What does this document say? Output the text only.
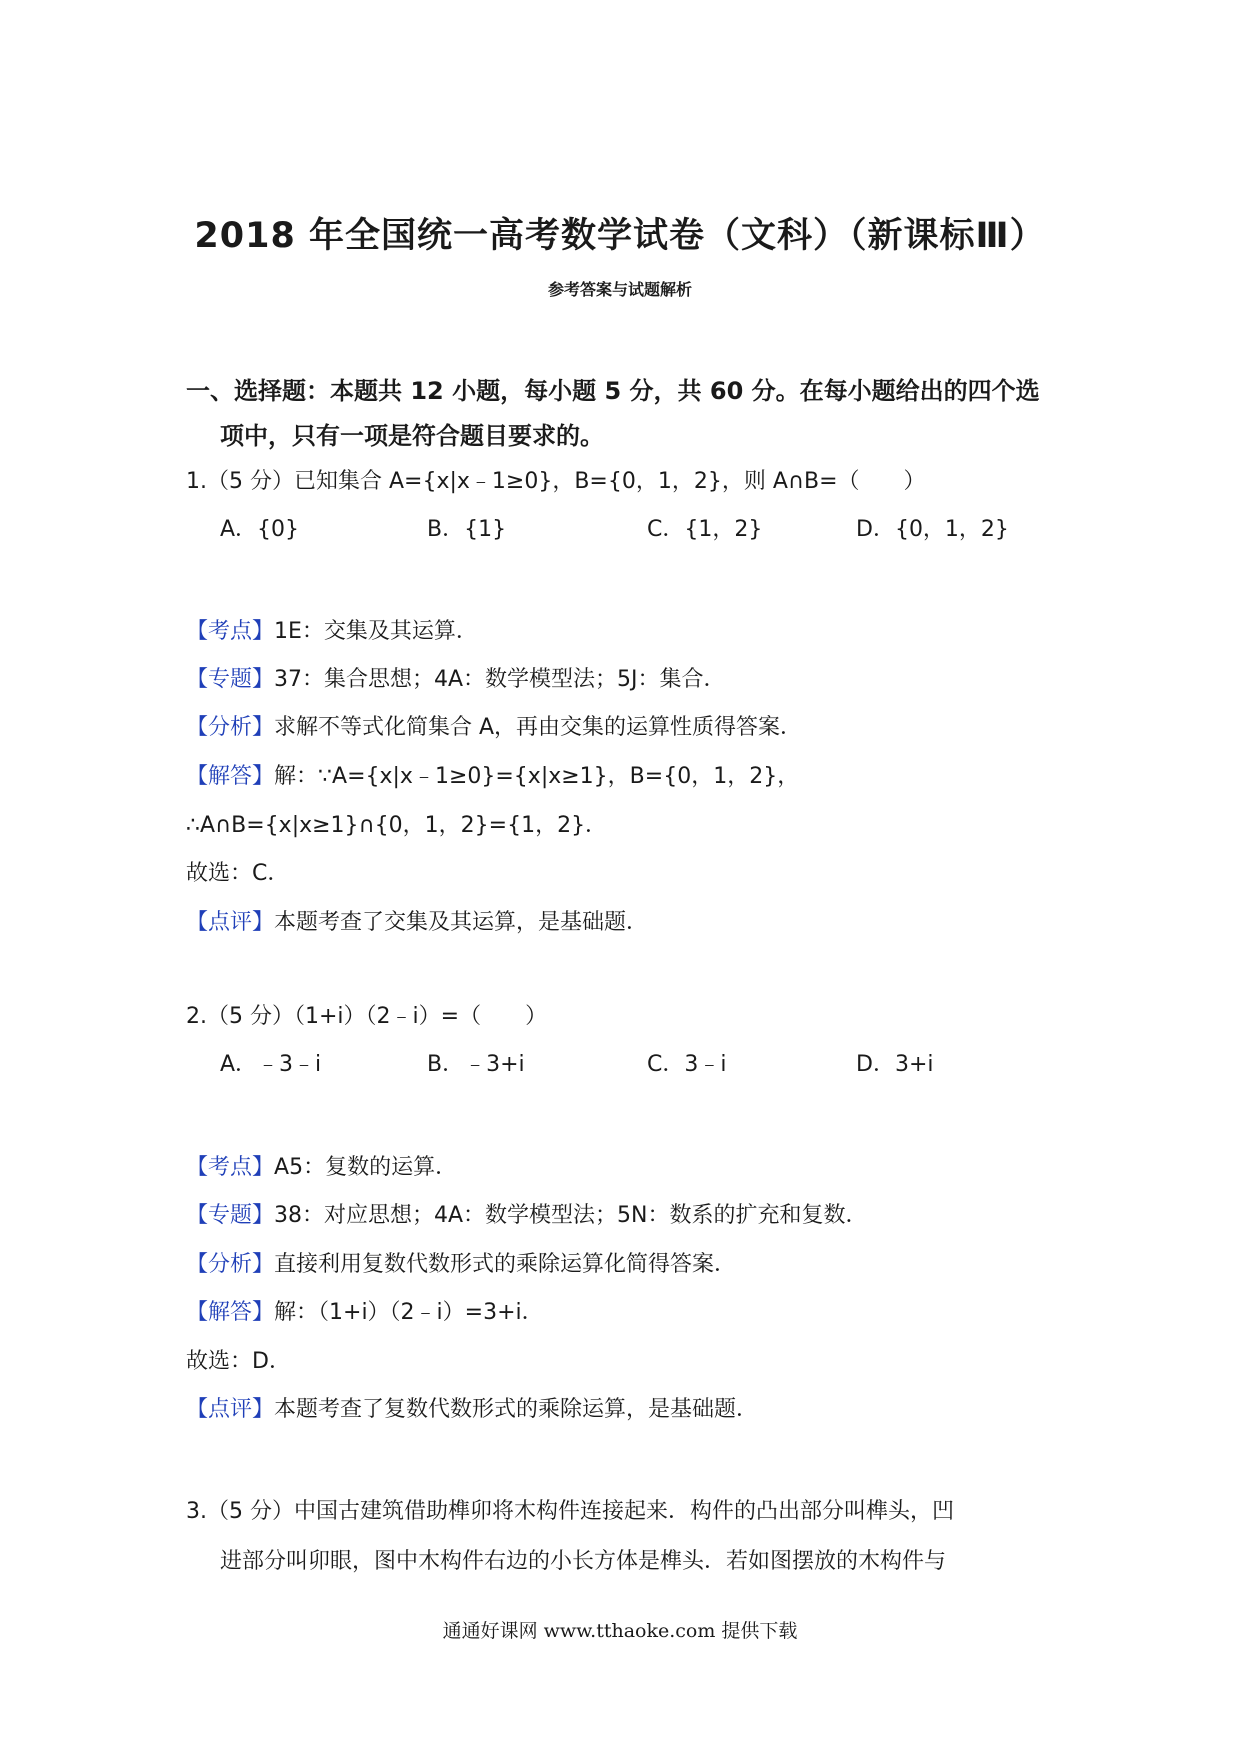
2018 年全国统一高考数学试卷（文科）（新课标Ⅲ）
参考答案与试题解析
一、选择题：本题共 12 小题，每小题 5 分，共 60 分。在每小题给出的四个选
项中，只有一项是符合题目要求的。
1.（5 分）已知集合 A={x|x﹣1≥0}，B={0，1，2}，则 A∩B=（　　）
A．{0}	B．{1}	C．{1，2}	D．{0，1，2}
【考点】1E：交集及其运算．
【专题】37：集合思想；4A：数学模型法；5J：集合．
【分析】求解不等式化简集合 A，再由交集的运算性质得答案．
【解答】解：∵A={x|x﹣1≥0}={x|x≥1}，B={0，1，2}，
∴A∩B={x|x≥1}∩{0，1，2}={1，2}．
故选：C．
【点评】本题考查了交集及其运算，是基础题．
2.（5 分）（1+i）（2﹣i）=（　　）
A．﹣3﹣i	B．﹣3+i	C．3﹣i	D．3+i
【考点】A5：复数的运算．
【专题】38：对应思想；4A：数学模型法；5N：数系的扩充和复数．
【分析】直接利用复数代数形式的乘除运算化简得答案．
【解答】解：（1+i）（2﹣i）=3+i．
故选：D．
【点评】本题考查了复数代数形式的乘除运算，是基础题．
3.（5 分）中国古建筑借助榫卯将木构件连接起来．构件的凸出部分叫榫头，凹
进部分叫卯眼，图中木构件右边的小长方体是榫头．若如图摆放的木构件与
通通好课网 www.tthaoke.com 提供下载
